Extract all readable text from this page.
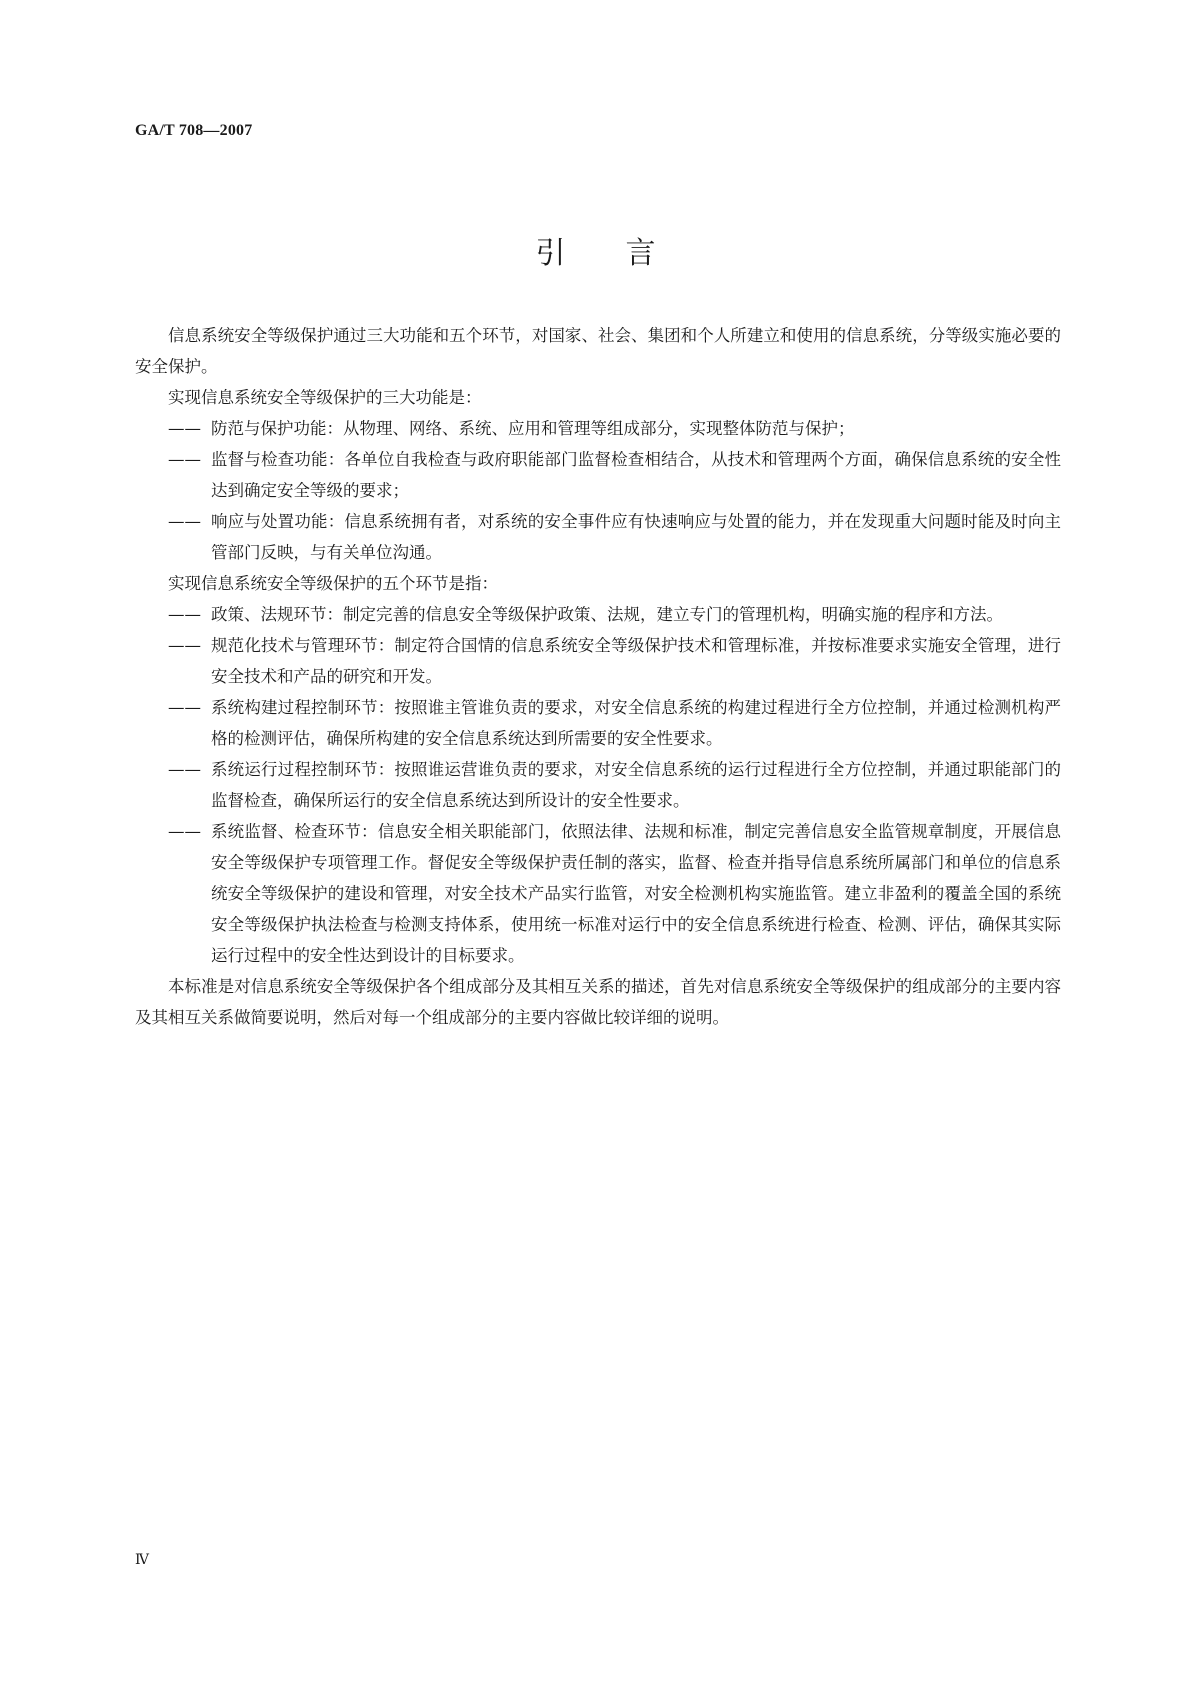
GA/T 708—2007
引言

信息系统安全等级保护通过三大功能和五个环节，对国家、社会、集团和个人所建立和使用的信息系统，分等级实施必要的安全保护。

实现信息系统安全等级保护的三大功能是：

—— 防范与保护功能：从物理、网络、系统、应用和管理等组成部分，实现整体防范与保护；

—— 监督与检查功能：各单位自我检查与政府职能部门监督检查相结合，从技术和管理两个方面，确保信息系统的安全性达到确定安全等级的要求；

—— 响应与处置功能：信息系统拥有者，对系统的安全事件应有快速响应与处置的能力，并在发现重大问题时能及时向主管部门反映，与有关单位沟通。

实现信息系统安全等级保护的五个环节是指：

—— 政策、法规环节：制定完善的信息安全等级保护政策、法规，建立专门的管理机构，明确实施的程序和方法。

—— 规范化技术与管理环节：制定符合国情的信息系统安全等级保护技术和管理标准，并按标准要求实施安全管理，进行安全技术和产品的研究和开发。

—— 系统构建过程控制环节：按照谁主管谁负责的要求，对安全信息系统的构建过程进行全方位控制，并通过检测机构严格的检测评估，确保所构建的安全信息系统达到所需要的安全性要求。

—— 系统运行过程控制环节：按照谁运营谁负责的要求，对安全信息系统的运行过程进行全方位控制，并通过职能部门的监督检查，确保所运行的安全信息系统达到所设计的安全性要求。

—— 系统监督、检查环节：信息安全相关职能部门，依照法律、法规和标准，制定完善信息安全监管规章制度，开展信息安全等级保护专项管理工作。督促安全等级保护责任制的落实，监督、检查并指导信息系统所属部门和单位的信息系统安全等级保护的建设和管理，对安全技术产品实行监管，对安全检测机构实施监管。建立非盈利的覆盖全国的系统安全等级保护执法检查与检测支持体系，使用统一标准对运行中的安全信息系统进行检查、检测、评估，确保其实际运行过程中的安全性达到设计的目标要求。

本标准是对信息系统安全等级保护各个组成部分及其相互关系的描述，首先对信息系统安全等级保护的组成部分的主要内容及其相互关系做简要说明，然后对每一个组成部分的主要内容做比较详细的说明。

Ⅳ
